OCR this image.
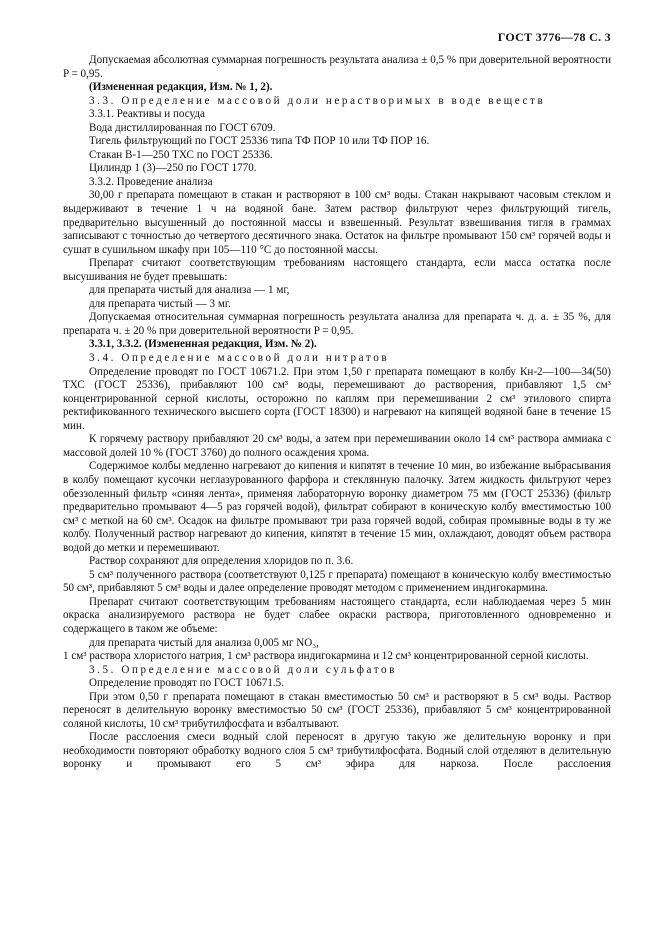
ГОСТ 3776—78 С. 3

Допускаемая абсолютная суммарная погрешность результата анализа ± 0,5 % при доверительной вероятности P = 0,95.

(Измененная редакция, Изм. № 1, 2).

3.3. Определение массовой доли нерастворимых в воде веществ

3.3.1. Реактивы и посуда

Вода дистиллированная по ГОСТ 6709.

Тигель фильтрующий по ГОСТ 25336 типа ТФ ПОР 10 или ТФ ПОР 16.

Стакан В-1—250 ТХС по ГОСТ 25336.

Цилиндр 1 (3)—250 по ГОСТ 1770.

3.3.2. Проведение анализа

30,00 г препарата помещают в стакан и растворяют в 100 см³ воды. Стакан накрывают часовым стеклом и выдерживают в течение 1 ч на водяной бане. Затем раствор фильтруют через фильтрующий тигель, предварительно высушенный до постоянной массы и взвешенный. Результат взвешивания тигля в граммах записывают с точностью до четвертого десятичного знака. Остаток на фильтре промывают 150 см³ горячей воды и сушат в сушильном шкафу при 105—110 °С до постоянной массы.

Препарат считают соответствующим требованиям настоящего стандарта, если масса остатка после высушивания не будет превышать:

для препарата чистый для анализа — 1 мг,

для препарата чистый — 3 мг.

Допускаемая относительная суммарная погрешность результата анализа для препарата ч. д. а. ± 35 %, для препарата ч. ± 20 % при доверительной вероятности P = 0,95.

3.3.1, 3.3.2. (Измененная редакция, Изм. № 2).

3.4. Определение массовой доли нитратов

Определение проводят по ГОСТ 10671.2. При этом 1,50 г препарата помещают в колбу Кн-2—100—34(50) ТХС (ГОСТ 25336), прибавляют 100 см³ воды, перемешивают до растворения, прибавляют 1,5 см³ концентрированной серной кислоты, осторожно по каплям при перемешивании 2 см³ этилового спирта ректификованного технического высшего сорта (ГОСТ 18300) и нагревают на кипящей водяной бане в течение 15 мин.

К горячему раствору прибавляют 20 см³ воды, а затем при перемешивании около 14 см³ раствора аммиака с массовой долей 10 % (ГОСТ 3760) до полного осаждения хрома.

Содержимое колбы медленно нагревают до кипения и кипятят в течение 10 мин, во избежание выбрасывания в колбу помещают кусочки неглазурованного фарфора и стеклянную палочку. Затем жидкость фильтруют через обеззоленный фильтр «синяя лента», применяя лабораторную воронку диаметром 75 мм (ГОСТ 25336) (фильтр предварительно промывают 4—5 раз горячей водой), фильтрат собирают в коническую колбу вместимостью 100 см³ с меткой на 60 см³. Осадок на фильтре промывают три раза горячей водой, собирая промывные воды в ту же колбу. Полученный раствор нагревают до кипения, кипятят в течение 15 мин, охлаждают, доводят объем раствора водой до метки и перемешивают.

Раствор сохраняют для определения хлоридов по п. 3.6.

5 см³ полученного раствора (соответствуют 0,125 г препарата) помещают в коническую колбу вместимостью 50 см³, прибавляют 5 см³ воды и далее определение проводят методом с применением индигокармина.

Препарат считают соответствующим требованиям настоящего стандарта, если наблюдаемая через 5 мин окраска анализируемого раствора не будет слабее окраски раствора, приготовленного одновременно и содержащего в таком же объеме:

для препарата чистый для анализа 0,005 мг NO₃,

1 см³ раствора хлористого натрия, 1 см³ раствора индигокармина и 12 см³ концентрированной серной кислоты.

3.5. Определение массовой доли сульфатов

Определение проводят по ГОСТ 10671.5.

При этом 0,50 г препарата помещают в стакан вместимостью 50 см³ и растворяют в 5 см³ воды. Раствор переносят в делительную воронку вместимостью 50 см³ (ГОСТ 25336), прибавляют 5 см³ концентрированной соляной кислоты, 10 см³ трибутилфосфата и взбалтывают.

После расслоения смеси водный слой переносят в другую такую же делительную воронку и при необходимости повторяют обработку водного слоя 5 см³ трибутилфосфата. Водный слой отделяют в делительную воронку и промывают его 5 см³ эфира для наркоза. После расслоения
